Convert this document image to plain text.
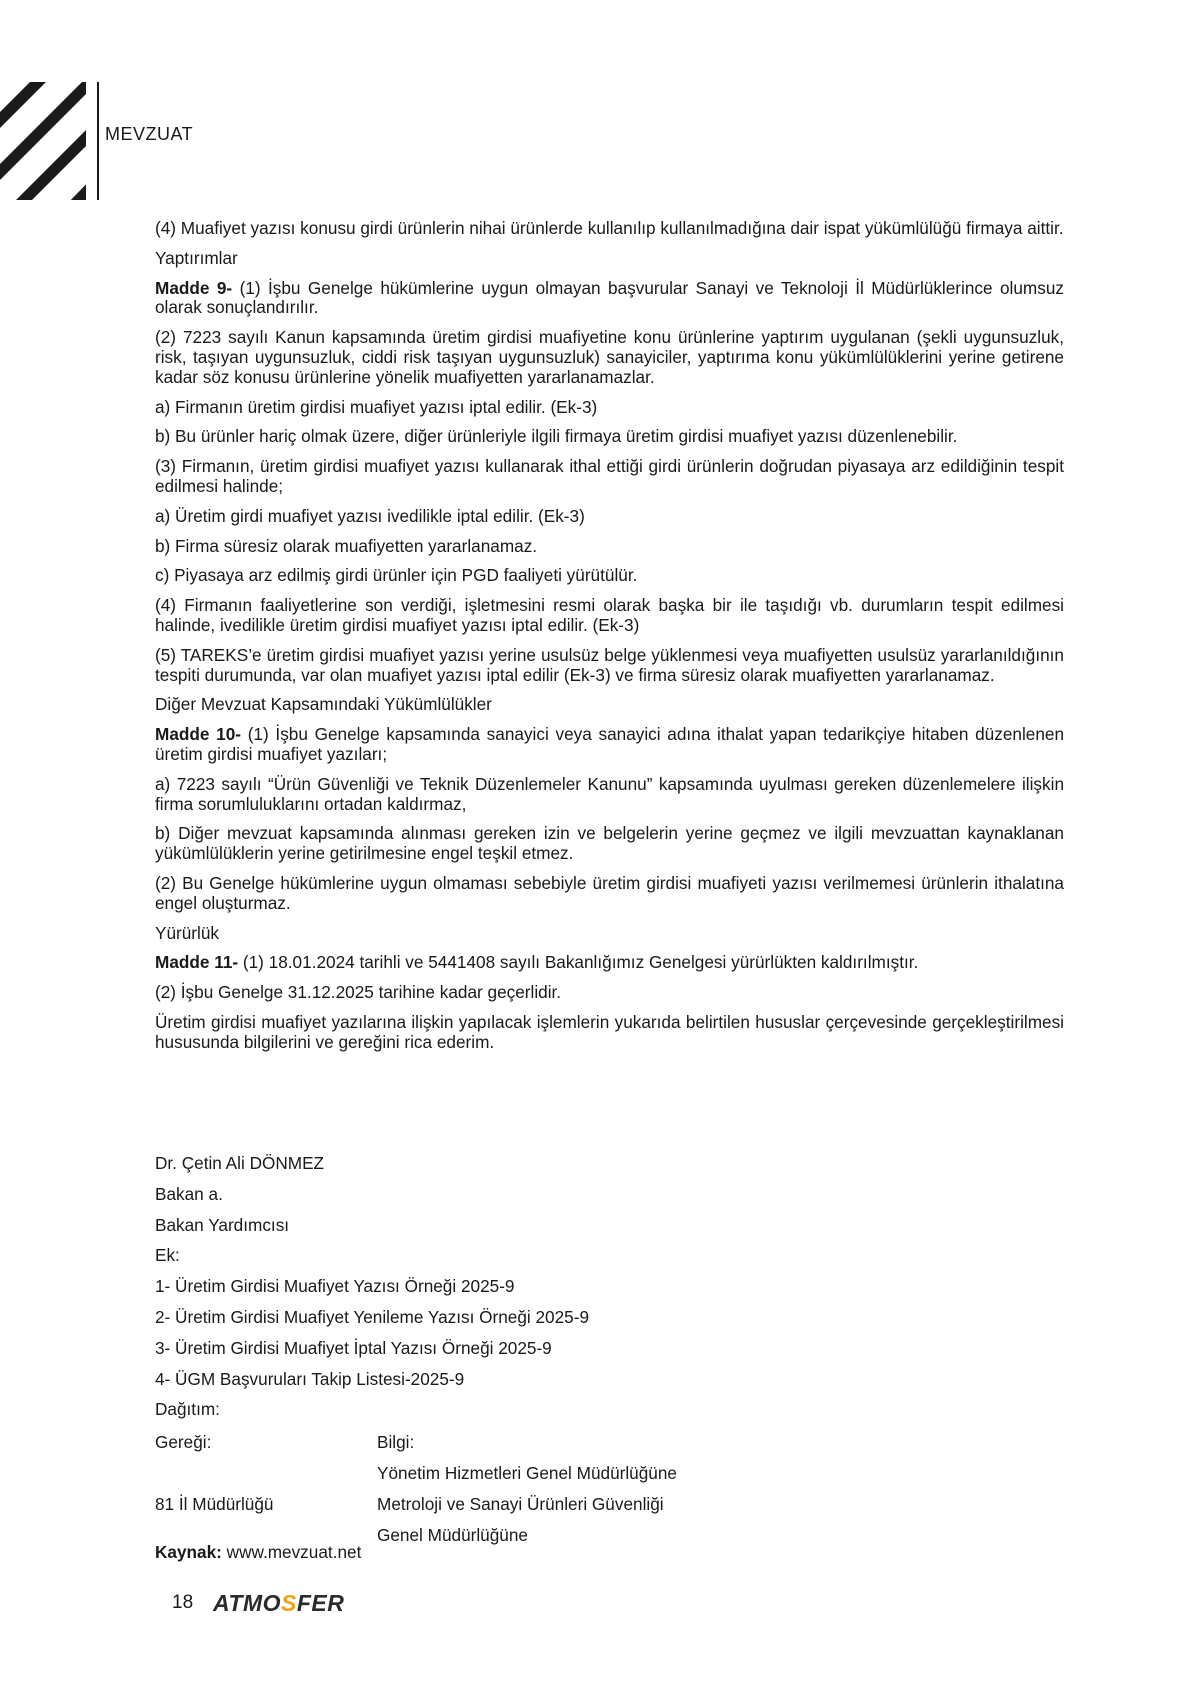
MEVZUAT

(4) Muafiyet yazısı konusu girdi ürünlerin nihai ürünlerde kullanılıp kullanılmadığına dair ispat yükümlülüğü firmaya aittir.

Yaptırımlar

Madde 9- (1) İşbu Genelge hükümlerine uygun olmayan başvurular Sanayi ve Teknoloji İl Müdürlüklerince olumsuz olarak sonuçlandırılır.

(2) 7223 sayılı Kanun kapsamında üretim girdisi muafiyetine konu ürünlerine yaptırım uygulanan (şekli uygunsuzluk, risk, taşıyan uygunsuzluk, ciddi risk taşıyan uygunsuzluk) sanayiciler, yaptırıma konu yükümlülüklerini yerine getirene kadar söz konusu ürünlerine yönelik muafiyetten yararlanamazlar.

a) Firmanın üretim girdisi muafiyet yazısı iptal edilir. (Ek-3)

b) Bu ürünler hariç olmak üzere, diğer ürünleriyle ilgili firmaya üretim girdisi muafiyet yazısı düzenlenebilir.

(3) Firmanın, üretim girdisi muafiyet yazısı kullanarak ithal ettiği girdi ürünlerin doğrudan piyasaya arz edildiğinin tespit edilmesi halinde;

a) Üretim girdi muafiyet yazısı ivedilikle iptal edilir. (Ek-3)

b) Firma süresiz olarak muafiyetten yararlanamaz.

c) Piyasaya arz edilmiş girdi ürünler için PGD faaliyeti yürütülür.

(4) Firmanın faaliyetlerine son verdiği, işletmesini resmi olarak başka bir ile taşıdığı vb. durumların tespit edilmesi halinde, ivedilikle üretim girdisi muafiyet yazısı iptal edilir. (Ek-3)

(5) TAREKS’e üretim girdisi muafiyet yazısı yerine usulsüz belge yüklenmesi veya muafiyetten usulsüz yararlanıldığının tespiti durumunda, var olan muafiyet yazısı iptal edilir (Ek-3) ve firma süresiz olarak muafiyetten yararlanamaz.

Diğer Mevzuat Kapsamındaki Yükümlülükler

Madde 10- (1) İşbu Genelge kapsamında sanayici veya sanayici adına ithalat yapan tedarikçiye hitaben düzenlenen üretim girdisi muafiyet yazıları;

a) 7223 sayılı “Ürün Güvenliği ve Teknik Düzenlemeler Kanunu” kapsamında uyulması gereken düzenlemelere ilişkin firma sorumluluklarını ortadan kaldırmaz,

b) Diğer mevzuat kapsamında alınması gereken izin ve belgelerin yerine geçmez ve ilgili mevzuattan kaynaklanan yükümlülüklerin yerine getirilmesine engel teşkil etmez.

(2) Bu Genelge hükümlerine uygun olmaması sebebiyle üretim girdisi muafiyeti yazısı verilmemesi ürünlerin ithalatına engel oluşturmaz.

Yürürlük

Madde 11- (1) 18.01.2024 tarihli ve 5441408 sayılı Bakanlığımız Genelgesi yürürlükten kaldırılmıştır.

(2) İşbu Genelge 31.12.2025 tarihine kadar geçerlidir.

Üretim girdisi muafiyet yazılarına ilişkin yapılacak işlemlerin yukarıda belirtilen hususlar çerçevesinde gerçekleştirilmesi hususunda bilgilerini ve gereğini rica ederim.

Dr. Çetin Ali DÖNMEZ
Bakan a.
Bakan Yardımcısı
Ek:
1- Üretim Girdisi Muafiyet Yazısı Örneği 2025-9
2- Üretim Girdisi Muafiyet Yenileme Yazısı Örneği 2025-9
3- Üretim Girdisi Muafiyet İptal Yazısı Örneği 2025-9
4- ÜGM Başvuruları Takip Listesi-2025-9
Dağıtım:
Gereği:
81 İl Müdürlüğü
Bilgi:
Yönetim Hizmetleri Genel Müdürlüğüne
Metroloji ve Sanayi Ürünleri Güvenliği
Genel Müdürlüğüne
Kaynak: www.mevzuat.net
18 ATMOSFER
